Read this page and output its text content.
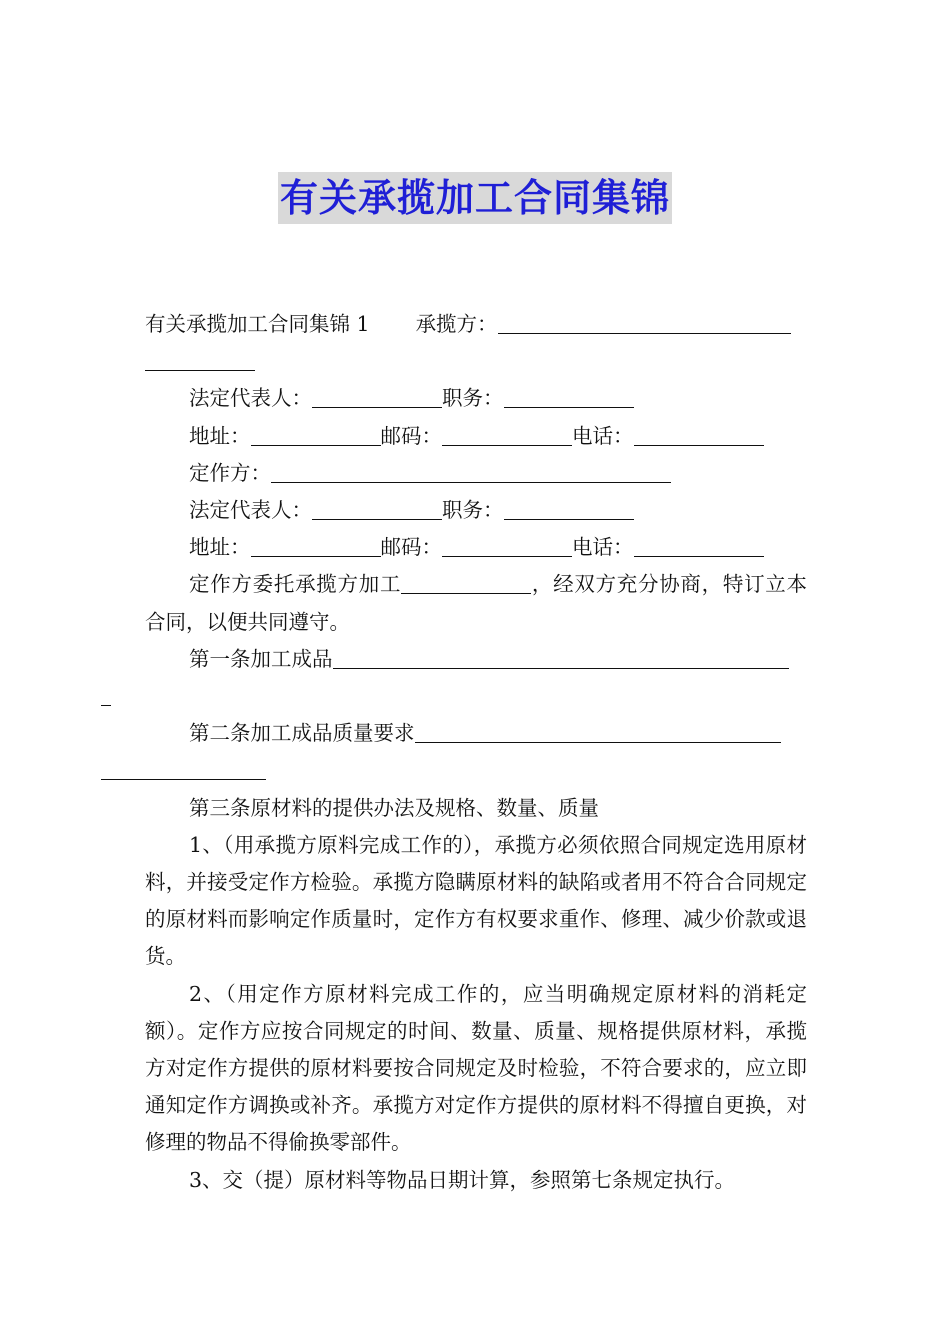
有关承揽加工合同集锦

有关承揽加工合同集锦 1 承揽方：

法定代表人：	职务：

地址：	邮码：	电话：

定作方：

法定代表人：	职务：

地址：	邮码：	电话：

定作方委托承揽方加工	，经双方充分协商，特订立本合同，以便共同遵守。

第一条加工成品

第二条加工成品质量要求

第三条原材料的提供办法及规格、数量、质量

1、（用承揽方原料完成工作的），承揽方必须依照合同规定选用原材料，并接受定作方检验。承揽方隐瞒原材料的缺陷或者用不符合合同规定的原材料而影响定作质量时，定作方有权要求重作、修理、减少价款或退货。

2、（用定作方原材料完成工作的，应当明确规定原材料的消耗定额）。定作方应按合同规定的时间、数量、质量、规格提供原材料，承揽方对定作方提供的原材料要按合同规定及时检验，不符合要求的，应立即通知定作方调换或补齐。承揽方对定作方提供的原材料不得擅自更换，对修理的物品不得偷换零部件。

3、交（提）原材料等物品日期计算，参照第七条规定执行。
